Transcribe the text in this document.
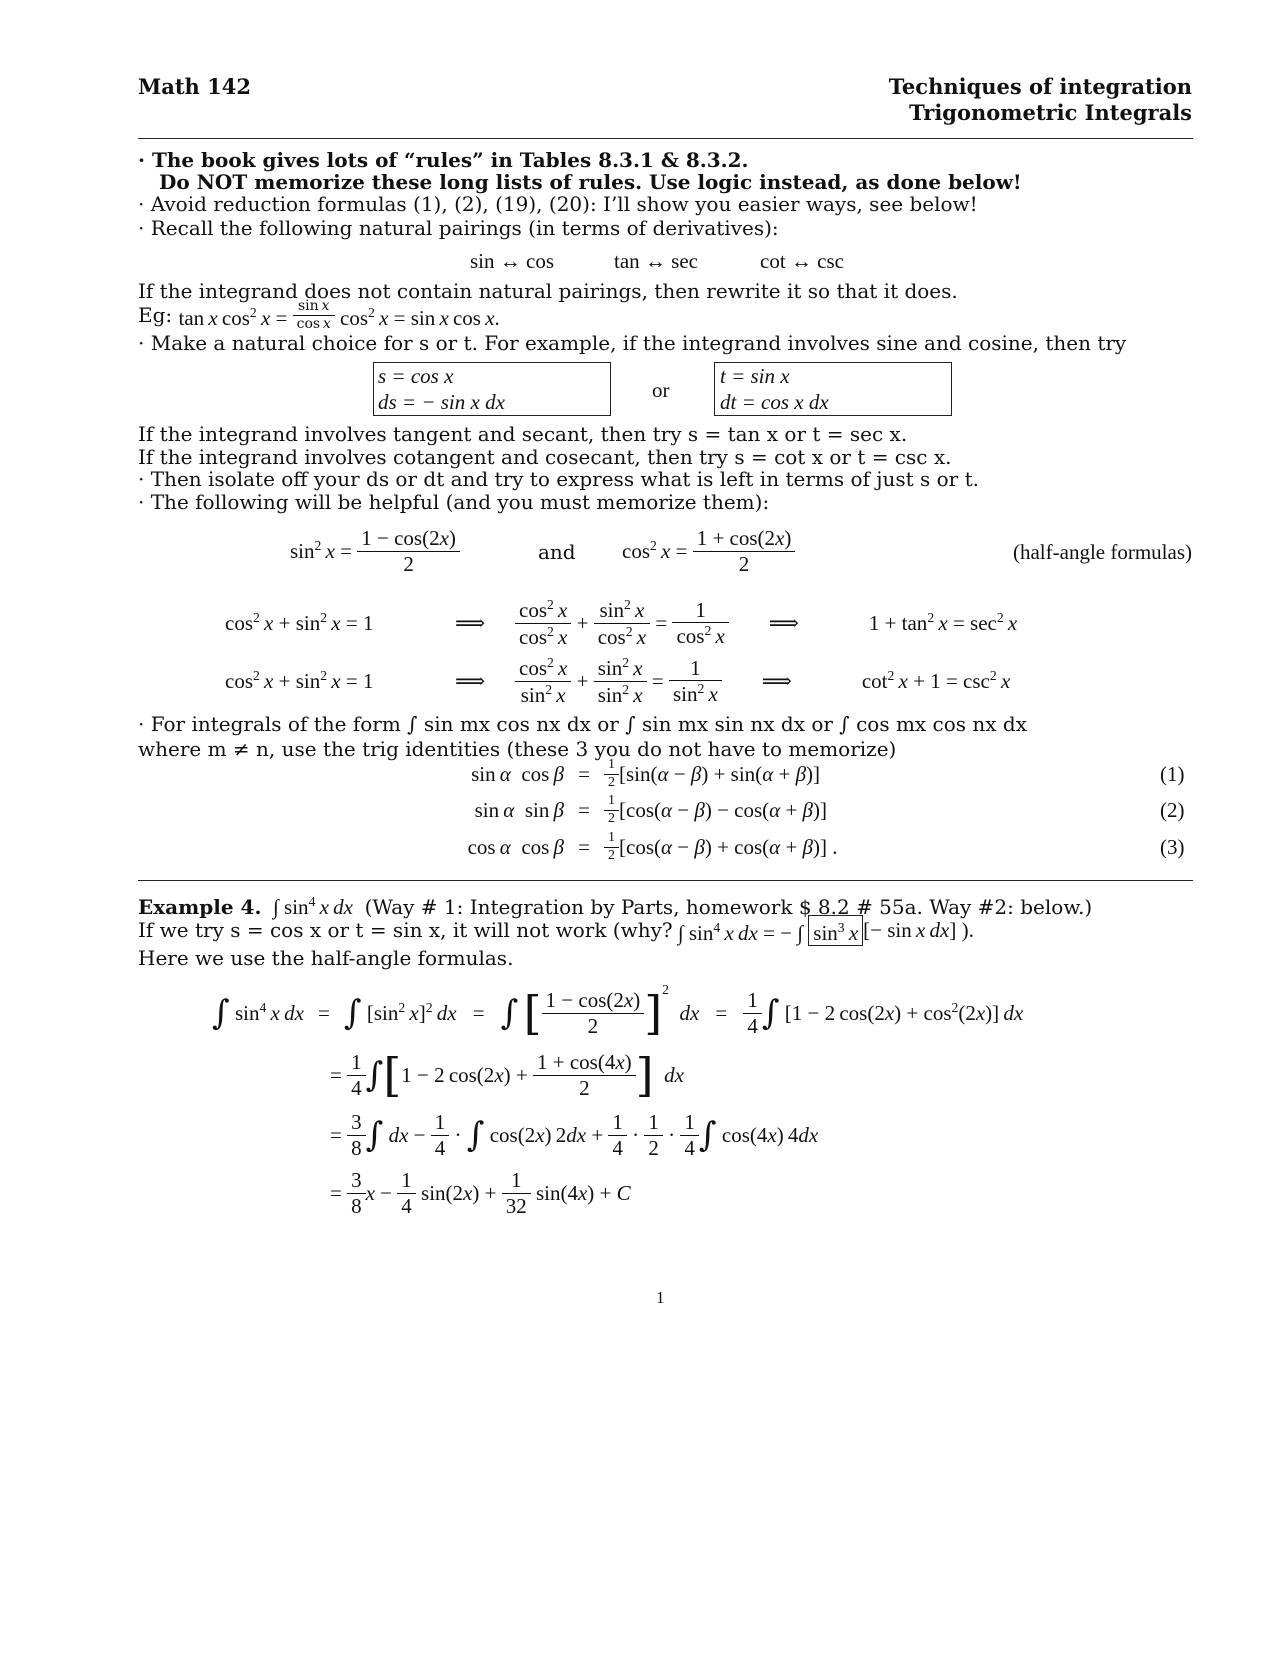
Math 142	Techniques of integration
Trigonometric Integrals
· The book gives lots of “rules” in Tables 8.3.1 & 8.3.2.
Do NOT memorize these long lists of rules. Use logic instead, as done below!
· Avoid reduction formulas (1), (2), (19), (20): I’ll show you easier ways, see below!
· Recall the following natural pairings (in terms of derivatives):
sin ↔ cos	tan ↔ sec	cot ↔ csc
If the integrand does not contain natural pairings, then rewrite it so that it does.
Eg:
tan x $\cos^2 x = \frac{\text{sin x}}{\text{cos x}} \cos^2 x = \sin x$ cos x.
· Make a natural choice for s or t. For example, if the integrand involves sine and cosine, then try
s = cos x
ds = − sin x dx	or
t = sin x
dt = cos x dx
If the integrand involves tangent and secant, then try s = tan x or t = sec x.
If the integrand involves cotangent and cosecant, then try s = cot x or t = csc x.
· Then isolate off your ds or dt and try to express what is left in terms of just s or t.
· The following will be helpful (and you must memorize them):
$\sin^2 x = \frac{1 - \cos(2x)}{2}$	and $\cos^2 x = \frac{1 + \cos(2x)}{2}$	(half-angle formulas)
$\cos^2 x + \sin^2 x = 1$	⟹	$\frac{\cos^2 x}{\cos^2 x} + \frac{\sin^2 x}{\cos^2 x} = \frac{1}{\cos^2 x}$	⟹	$1 + \tan^2 x = \sec^2 x$
$\cos^2 x + \sin^2 x = 1$	⟹	$\frac{\cos^2 x}{\sin^2 x} + \frac{\sin^2 x}{\sin^2 x} = \frac{1}{\sin^2 x}$	⟹	$\cot^2 x + 1 = \csc^2 x$
· For integrals of the form ∫ sin mx cos nx dx or ∫ sin mx sin nx dx or ∫ cos mx cos nx dx
where m ≠ n, use the trig identities (these 3 you do not have to memorize)
sin α  cos β =	$\frac{1}{2} [\sin(\alpha - \beta) + \sin(\alpha + \beta)]$	(1)
sin α  sin β =	$\frac{1}{2} [\cos(\alpha - \beta) - \cos(\alpha + \beta)]$	(2)
cos α  cos β =	$\frac{1}{2} [\cos(\alpha - \beta) + \cos(\alpha + \beta)]$ .	(3)
Example 4.  ∫ $\sin^4 x$  dx (Way # 1: Integration by Parts, homework $ 8.2 # 55a. Way #2: below.)
If we try s = cos x or t = sin x, it will not work (why? ∫ $\sin^4 x$  dx = − ∫ $\sin^3 x$ [− sin x  dx] ).
Here we use the half-angle formulas.
∫ $\sin^4 x$  dx = ∫ [$\sin^2$  x]$^2$  dx = ∫
[ $\frac{1 - \cos(2x)}{2} ]^2$
dx = $\frac{1}{4}$ ∫ [1 − 2 $\cos(2x) + \cos^2(2x)$] dx
= $\frac{1}{4}$ ∫ [ 1 − 2 $\cos(2x) + \frac{1 + \cos(4x)}{2}$ ] dx
= $\frac{3}{8}$ ∫ dx − $\frac{1}{4}$ · ∫ cos(2x) $2dx + \frac{1}{4} \cdot \frac{1}{2} \cdot \frac{1}{4}$ ∫ cos(4x) 4dx
= $\frac{3}{8}$ $x - \frac{1}{4} \sin(2x) + \frac{1}{32} \sin(4x) + C$
1
